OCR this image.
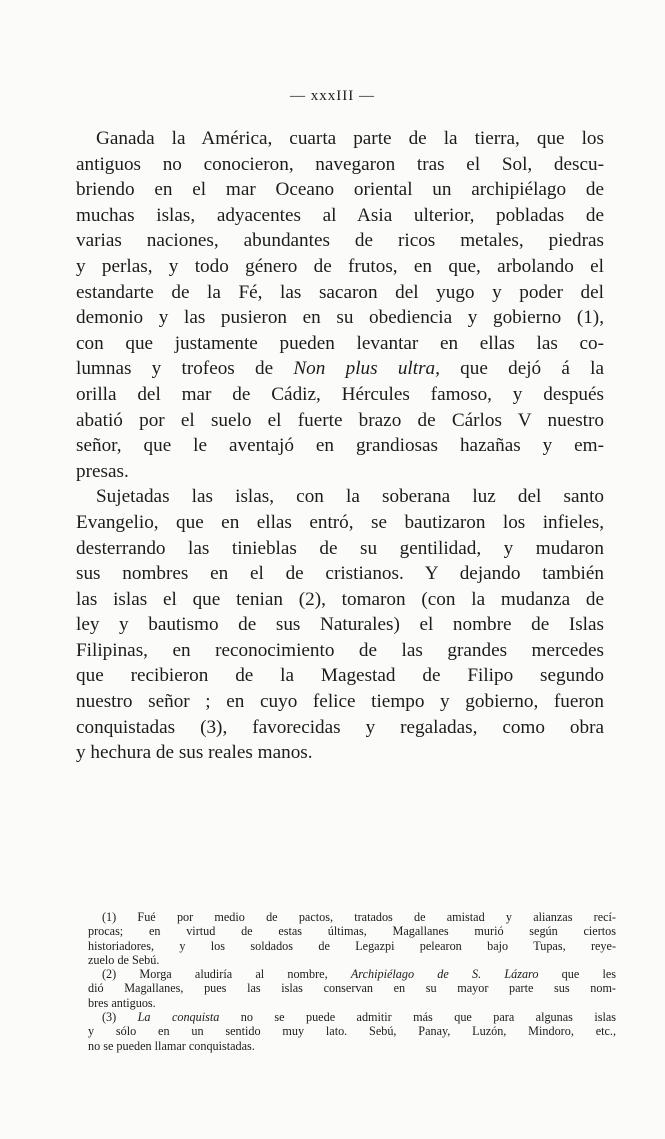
— xxxIII —
Ganada la América, cuarta parte de la tierra, que los
antiguos no conocieron, navegaron tras el Sol, descu-
briendo en el mar Oceano oriental un archipiélago de
muchas islas, adyacentes al Asia ulterior, pobladas de
varias naciones, abundantes de ricos metales, piedras
y perlas, y todo género de frutos, en que, arbolando el
estandarte de la Fé, las sacaron del yugo y poder del
demonio y las pusieron en su obediencia y gobierno (1),
con que justamente pueden levantar en ellas las co-
lumnas y trofeos de Non plus ultra, que dejó á la
orilla del mar de Cádiz, Hércules famoso, y después
abatió por el suelo el fuerte brazo de Cárlos V nuestro
señor, que le aventajó en grandiosas hazañas y em-
presas.
Sujetadas las islas, con la soberana luz del santo
Evangelio, que en ellas entró, se bautizaron los infieles,
desterrando las tinieblas de su gentilidad, y mudaron
sus nombres en el de cristianos. Y dejando también
las islas el que tenian (2), tomaron (con la mudanza de
ley y bautismo de sus Naturales) el nombre de Islas
Filipinas, en reconocimiento de las grandes mercedes
que recibieron de la Magestad de Filipo segundo
nuestro señor ; en cuyo felice tiempo y gobierno, fueron
conquistadas (3), favorecidas y regaladas, como obra
y hechura de sus reales manos.
(1) Fué por medio de pactos, tratados de amistad y alianzas recí-
procas; en virtud de estas últimas, Magallanes murió según ciertos
historiadores, y los soldados de Legazpi pelearon bajo Tupas, reye-
zuelo de Sebú.
(2) Morga aludiría al nombre, Archipiélago de S. Lázaro que les
dió Magallanes, pues las islas conservan en su mayor parte sus nom-
bres antiguos.
(3) La conquista no se puede admitir más que para algunas islas
y sólo en un sentido muy lato. Sebú, Panay, Luzón, Mindoro, etc.,
no se pueden llamar conquistadas.
